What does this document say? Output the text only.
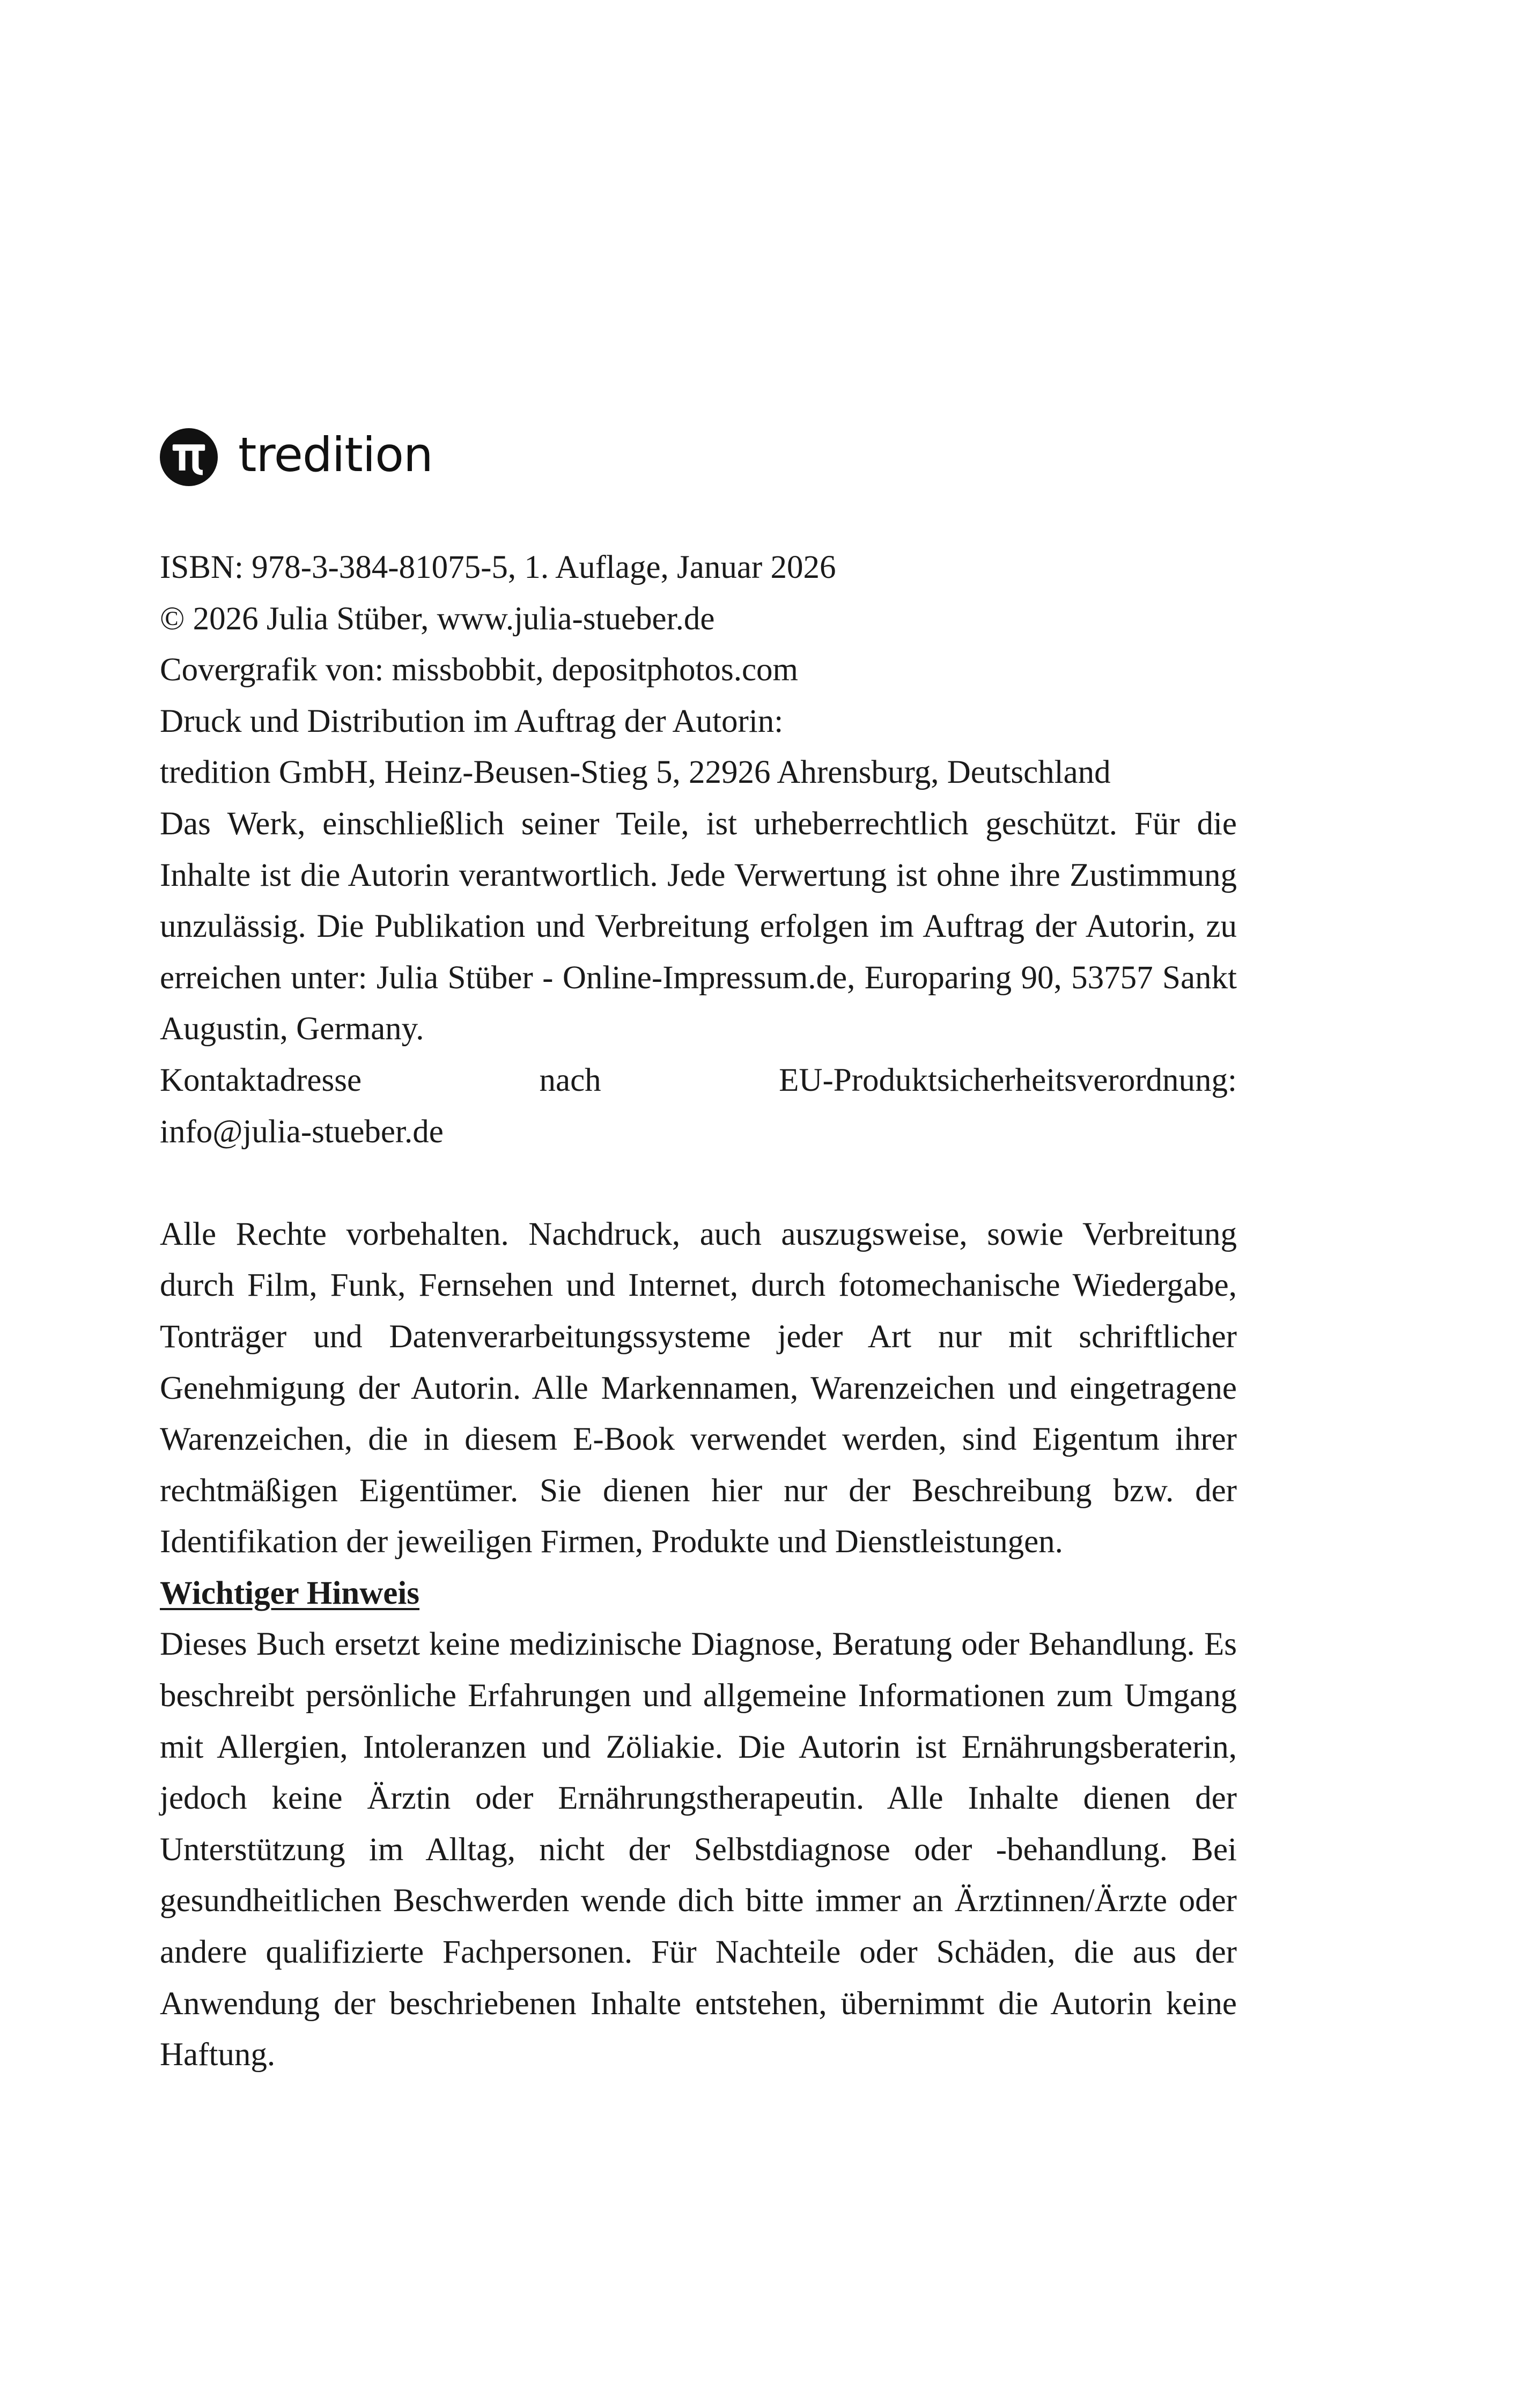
tredition
ISBN: 978-3-384-81075-5, 1. Auflage, Januar 2026
© 2026 Julia Stüber, www.julia-stueber.de
Covergrafik von: missbobbit, depositphotos.com
Druck und Distribution im Auftrag der Autorin:
tredition GmbH, Heinz-Beusen-Stieg 5, 22926 Ahrensburg, Deutschland

Das Werk, einschließlich seiner Teile, ist urheberrechtlich geschützt. Für die Inhalte ist die Autorin verantwortlich. Jede Verwertung ist ohne ihre Zustimmung unzulässig. Die Publikation und Verbreitung erfolgen im Auftrag der Autorin, zu erreichen unter: Julia Stüber - Online-Impressum.de, Europaring 90, 53757 Sankt Augustin, Germany.

Kontaktadresse	nach	EU-Produktsicherheitsverordnung:
info@julia-stueber.de

Alle Rechte vorbehalten. Nachdruck, auch auszugsweise, sowie Verbreitung durch Film, Funk, Fernsehen und Internet, durch fotomechanische Wiedergabe, Tonträger und Datenverarbeitungssysteme jeder Art nur mit schriftlicher Genehmigung der Autorin. Alle Markennamen, Warenzeichen und eingetragene Warenzeichen, die in diesem E-Book verwendet werden, sind Eigentum ihrer rechtmäßigen Eigentümer. Sie dienen hier nur der Beschreibung bzw. der Identifikation der jeweiligen Firmen, Produkte und Dienstleistungen.

Wichtiger Hinweis

Dieses Buch ersetzt keine medizinische Diagnose, Beratung oder Behandlung. Es beschreibt persönliche Erfahrungen und allgemeine Informationen zum Umgang mit Allergien, Intoleranzen und Zöliakie. Die Autorin ist Ernährungsberaterin, jedoch keine Ärztin oder Ernährungstherapeutin. Alle Inhalte dienen der Unterstützung im Alltag, nicht der Selbstdiagnose oder -behandlung. Bei gesundheitlichen Beschwerden wende dich bitte immer an Ärztinnen/Ärzte oder andere qualifizierte Fachpersonen. Für Nachteile oder Schäden, die aus der Anwendung der beschriebenen Inhalte entstehen, übernimmt die Autorin keine Haftung.
